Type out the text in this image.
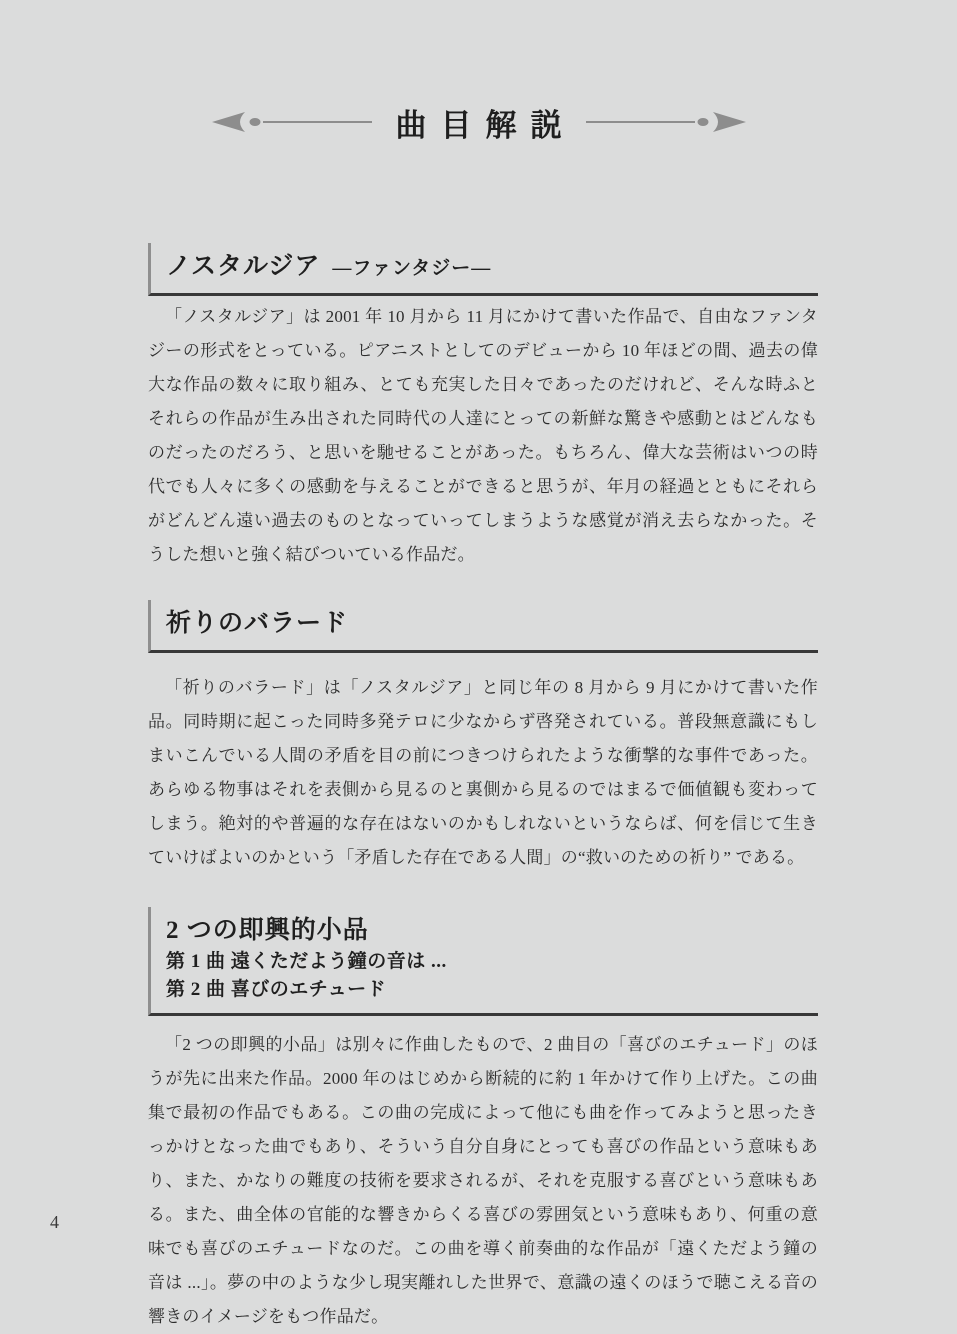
曲目解説
ノスタルジア ―ファンタジー―

「ノスタルジア」は 2001 年 10 月から 11 月にかけて書いた作品で、自由なファンタジーの形式をとっている。ピアニストとしてのデビューから 10 年ほどの間、過去の偉大な作品の数々に取り組み、とても充実した日々であったのだけれど、そんな時ふとそれらの作品が生み出された同時代の人達にとっての新鮮な驚きや感動とはどんなものだったのだろう、と思いを馳せることがあった。もちろん、偉大な芸術はいつの時代でも人々に多くの感動を与えることができると思うが、年月の経過とともにそれらがどんどん遠い過去のものとなっていってしまうような感覚が消え去らなかった。そうした想いと強く結びついている作品だ。

祈りのバラード

「祈りのバラード」は「ノスタルジア」と同じ年の 8 月から 9 月にかけて書いた作品。同時期に起こった同時多発テロに少なからず啓発されている。普段無意識にもしまいこんでいる人間の矛盾を目の前につきつけられたような衝撃的な事件であった。あらゆる物事はそれを表側から見るのと裏側から見るのではまるで価値観も変わってしまう。絶対的や普遍的な存在はないのかもしれないというならば、何を信じて生きていけばよいのかという「矛盾した存在である人間」の“救いのための祈り” である。

2 つの即興的小品
第 1 曲 遠くただよう鐘の音は ...
第 2 曲 喜びのエチュード

「2 つの即興的小品」は別々に作曲したもので、2 曲目の「喜びのエチュード」のほうが先に出来た作品。2000 年のはじめから断続的に約 1 年かけて作り上げた。この曲集で最初の作品でもある。この曲の完成によって他にも曲を作ってみようと思ったきっかけとなった曲でもあり、そういう自分自身にとっても喜びの作品という意味もあり、また、かなりの難度の技術を要求されるが、それを克服する喜びという意味もある。また、曲全体の官能的な響きからくる喜びの雰囲気という意味もあり、何重の意味でも喜びのエチュードなのだ。この曲を導く前奏曲的な作品が「遠くただよう鐘の音は ...」。夢の中のような少し現実離れした世界で、意識の遠くのほうで聴こえる音の響きのイメージをもつ作品だ。

4
